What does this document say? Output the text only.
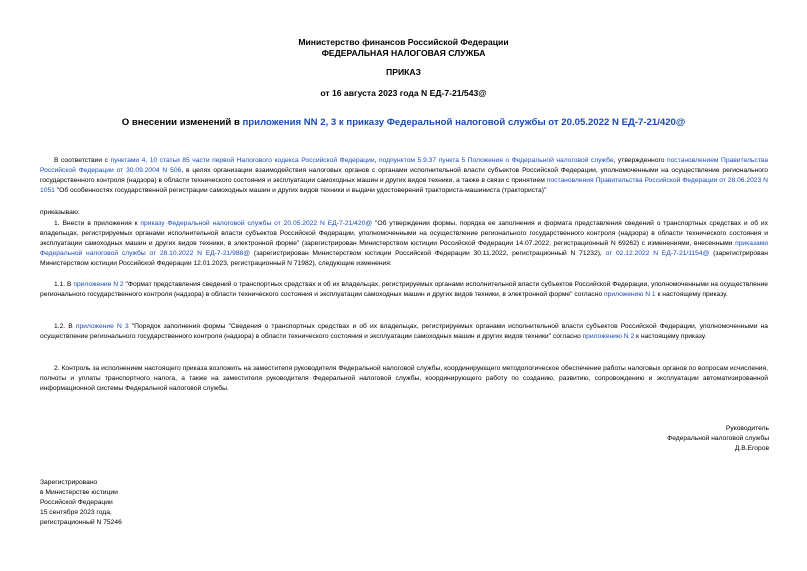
Министерство финансов Российской Федерации
ФЕДЕРАЛЬНАЯ НАЛОГОВАЯ СЛУЖБА
ПРИКАЗ
от 16 августа 2023 года N ЕД-7-21/543@
О внесении изменений в приложения NN 2, 3 к приказу Федеральной налоговой службы от 20.05.2022 N ЕД-7-21/420@
В соответствии с пунктами 4, 10 статьи 85 части первой Налогового кодекса Российской Федерации, подпунктом 5.9.37 пункта 5 Положения о Федеральной налоговой службе, утвержденного постановлением Правительства Российской Федерации от 30.09.2004 N 506, в целях организации взаимодействия налоговых органов с органами исполнительной власти субъектов Российской Федерации, уполномоченными на осуществление регионального государственного контроля (надзора) в области технического состояния и эксплуатации самоходных машин и других видов техники, а также в связи с принятием постановления Правительства Российской Федерации от 28.06.2023 N 1051 "Об особенностях государственной регистрации самоходных машин и других видов техники и выдачи удостоверений тракториста-машиниста (тракториста)"
приказываю:
1. Внести в приложения к приказу Федеральной налоговой службы от 20.05.2022 N ЕД-7-21/420@ "Об утверждении формы, порядка ее заполнения и формата представления сведений о транспортных средствах и об их владельцах, регистрируемых органами исполнительной власти субъектов Российской Федерации, уполномоченными на осуществление регионального государственного контроля (надзора) в области технического состояния и эксплуатации самоходных машин и других видов техники, в электронной форме" (зарегистрирован Министерством юстиции Российской Федерации 14.07.2022, регистрационный N 69262) с изменениями, внесенными приказами Федеральной налоговой службы от 28.10.2022 N ЕД-7-21/988@ (зарегистрирован Министерством юстиции Российской Федерации 30.11.2022, регистрационный N 71232), от 02.12.2022 N ЕД-7-21/1154@ (зарегистрирован Министерством юстиции Российской Федерации 12.01.2023, регистрационный N 71982), следующие изменения:
1.1. В приложение N 2 "Формат представления сведений о транспортных средствах и об их владельцах, регистрируемых органами исполнительной власти субъектов Российской Федерации, уполномоченными на осуществление регионального государственного контроля (надзора) в области технического состояния и эксплуатации самоходных машин и других видов техники, в электронной форме" согласно приложению N 1 к настоящему приказу.
1.2. В приложение N 3 "Порядок заполнения формы "Сведения о транспортных средствах и об их владельцах, регистрируемых органами исполнительной власти субъектов Российской Федерации, уполномоченными на осуществление регионального государственного контроля (надзора) в области технического состояния и эксплуатации самоходных машин и других видов техники" согласно приложению N 2 к настоящему приказу.
2. Контроль за исполнением настоящего приказа возложить на заместителя руководителя Федеральной налоговой службы, координирующего методологическое обеспечение работы налоговых органов по вопросам исчисления, полноты и уплаты транспортного налога, а также на заместителя руководителя Федеральной налоговой службы, координирующего работу по созданию, развитию, сопровождению и эксплуатации автоматизированной информационной системы Федеральной налоговой службы.
Руководитель
Федеральной налоговой службы
Д.В.Егоров
Зарегистрировано
в Министерстве юстиции
Российской Федерации
15 сентября 2023 года,
регистрационный N 75246
